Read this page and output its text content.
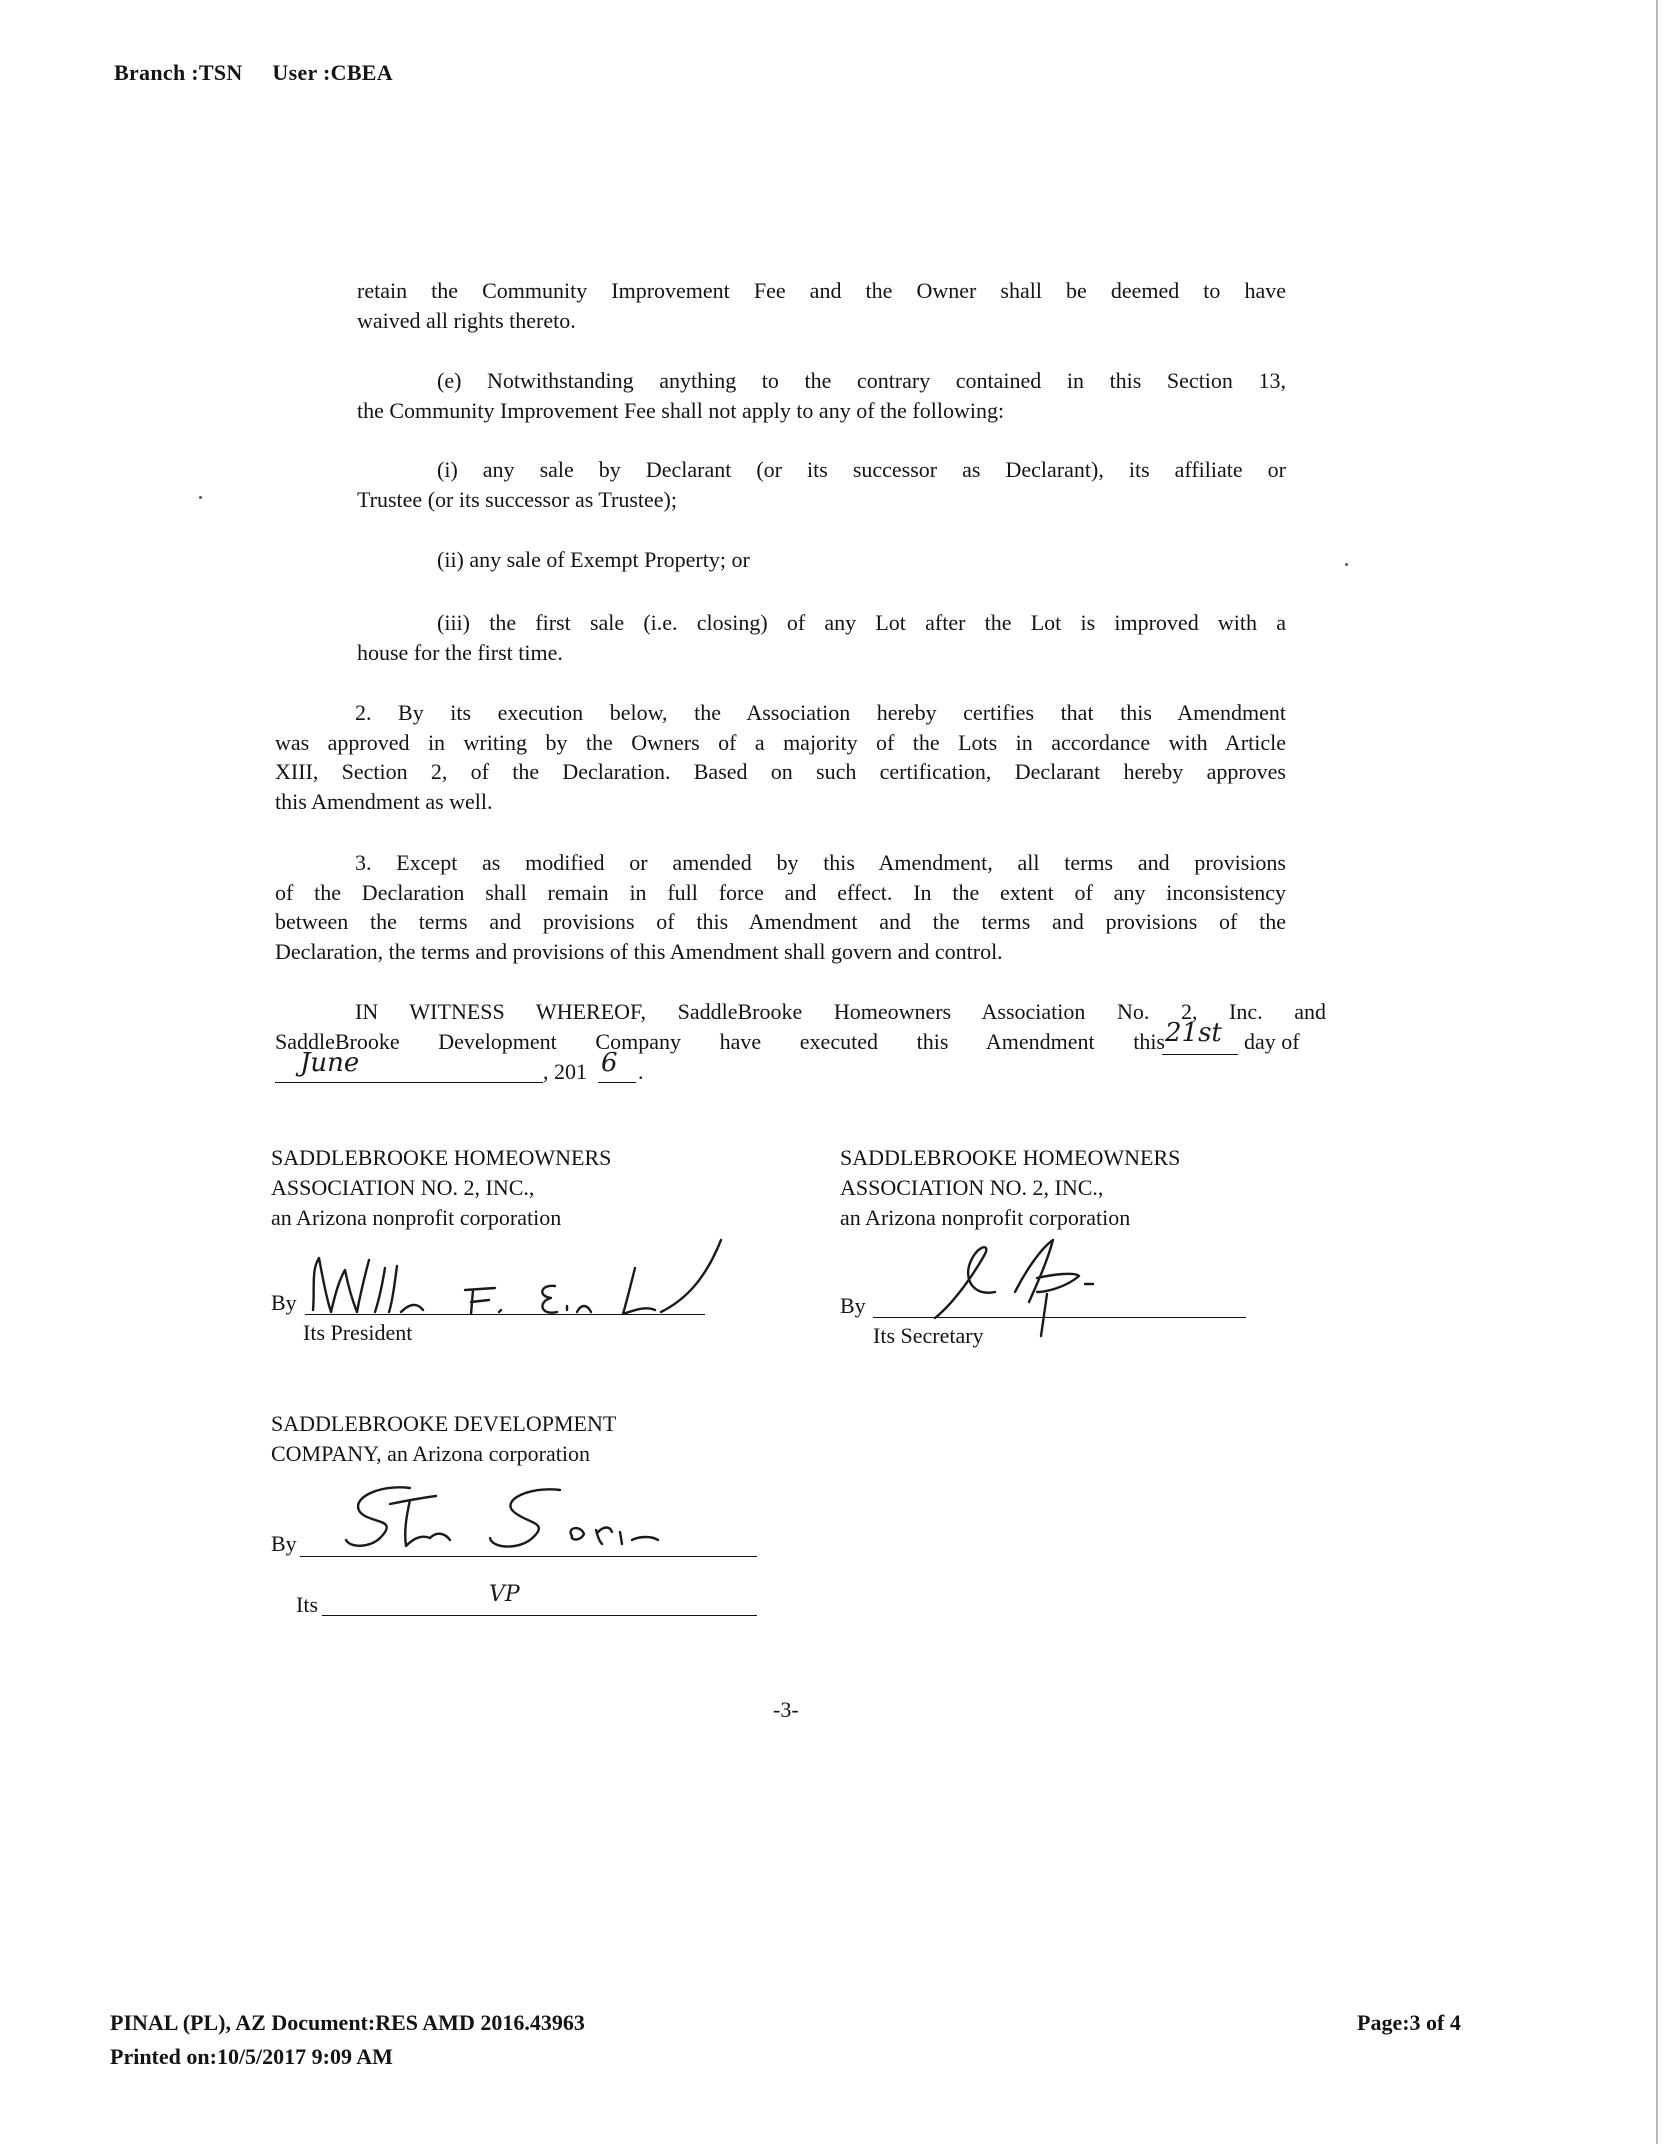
Branch :TSN User :CBEA
retain the Community Improvement Fee and the Owner shall be deemed to have
waived all rights thereto.
(e) Notwithstanding anything to the contrary contained in this Section 13,
the Community Improvement Fee shall not apply to any of the following:
(i) any sale by Declarant (or its successor as Declarant), its affiliate or
Trustee (or its successor as Trustee);
(ii) any sale of Exempt Property; or
(iii) the first sale (i.e. closing) of any Lot after the Lot is improved with a
house for the first time.
2. By its execution below, the Association hereby certifies that this Amendment
was approved in writing by the Owners of a majority of the Lots in accordance with Article
XIII, Section 2, of the Declaration. Based on such certification, Declarant hereby approves
this Amendment as well.
3. Except as modified or amended by this Amendment, all terms and provisions
of the Declaration shall remain in full force and effect. In the extent of any inconsistency
between the terms and provisions of this Amendment and the terms and provisions of the
Declaration, the terms and provisions of this Amendment shall govern and control.
IN WITNESS WHEREOF, SaddleBrooke Homeowners Association No. 2, Inc. and
SaddleBrooke Development Company have executed this Amendment this	day of
21st
June	, 201 6 .
SADDLEBROOKE HOMEOWNERS
ASSOCIATION NO. 2, INC.,
an Arizona nonprofit corporation
By
Its President
SADDLEBROOKE HOMEOWNERS
ASSOCIATION NO. 2, INC.,
an Arizona nonprofit corporation
By
Its Secretary
SADDLEBROOKE DEVELOPMENT
COMPANY, an Arizona corporation
By
Its	VP
-3-
PINAL (PL), AZ Document:RES AMD 2016.43963
Printed on:10/5/2017 9:09 AM
Page:3 of 4
